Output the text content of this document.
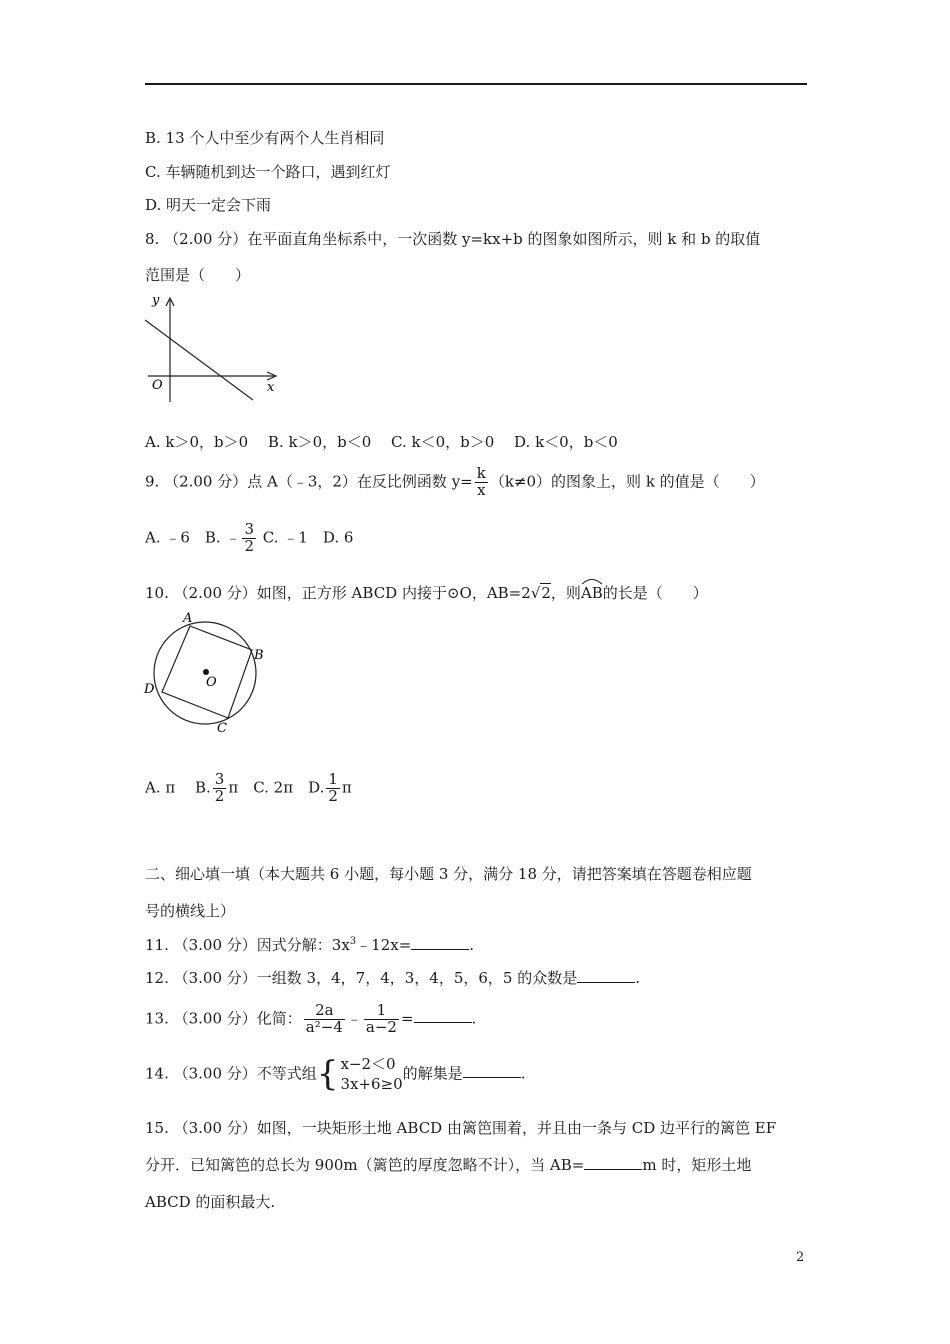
B. 13 个人中至少有两个人生肖相同
C. 车辆随机到达一个路口，遇到红灯
D. 明天一定会下雨
8. （2.00 分）在平面直角坐标系中，一次函数 y=kx+b 的图象如图所示，则 k 和 b 的取值
范围是（　　）
y
x
O
A. k＞0，b＞0　 B. k＞0，b＜0　 C. k＜0，b＞0　 D. k＜0，b＜0
9. （2.00 分）点 A（﹣3，2）在反比例函数 $y= \frac{k}{x} (k\ne 0)$的图象上，则 k 的值是（　　）
A. ﹣6　B. ﹣ $\frac{3}{2} C$. ﹣1　D. 6
10. （2.00 分）如图，正方形 ABCD 内接于⊙O，AB=2√2，则
AB的长是（　　）
A
B
C
D	O
A. π　 B. $\frac{3}{2}$ π　C. 2π　D. $\frac{1}{2}$ π
二、细心填一填（本大题共 6 小题，每小题 3 分，满分 18 分，请把答案填在答题卷相应题
号的横线上）
11. （3.00 分）因式分解：$3x^3﹣12x=$	.
12. （3.00 分）一组数 3，4，7，4，3，4，5，6，5 的众数是	.
13. （3.00 分）化简： $\frac{2a}{\text{a²−4}}$ ﹣ $\frac{1}{a-2}$ =	.
14. （3.00 分）不等式组{ x−2＜0
3x+6≥0
的解集是	.
15. （3.00 分）如图，一块矩形土地 ABCD 由篱笆围着，并且由一条与 CD 边平行的篱笆 EF
分开．已知篱笆的总长为 900m（篱笆的厚度忽略不计），当 AB=	m 时，矩形土地
ABCD 的面积最大.
2
